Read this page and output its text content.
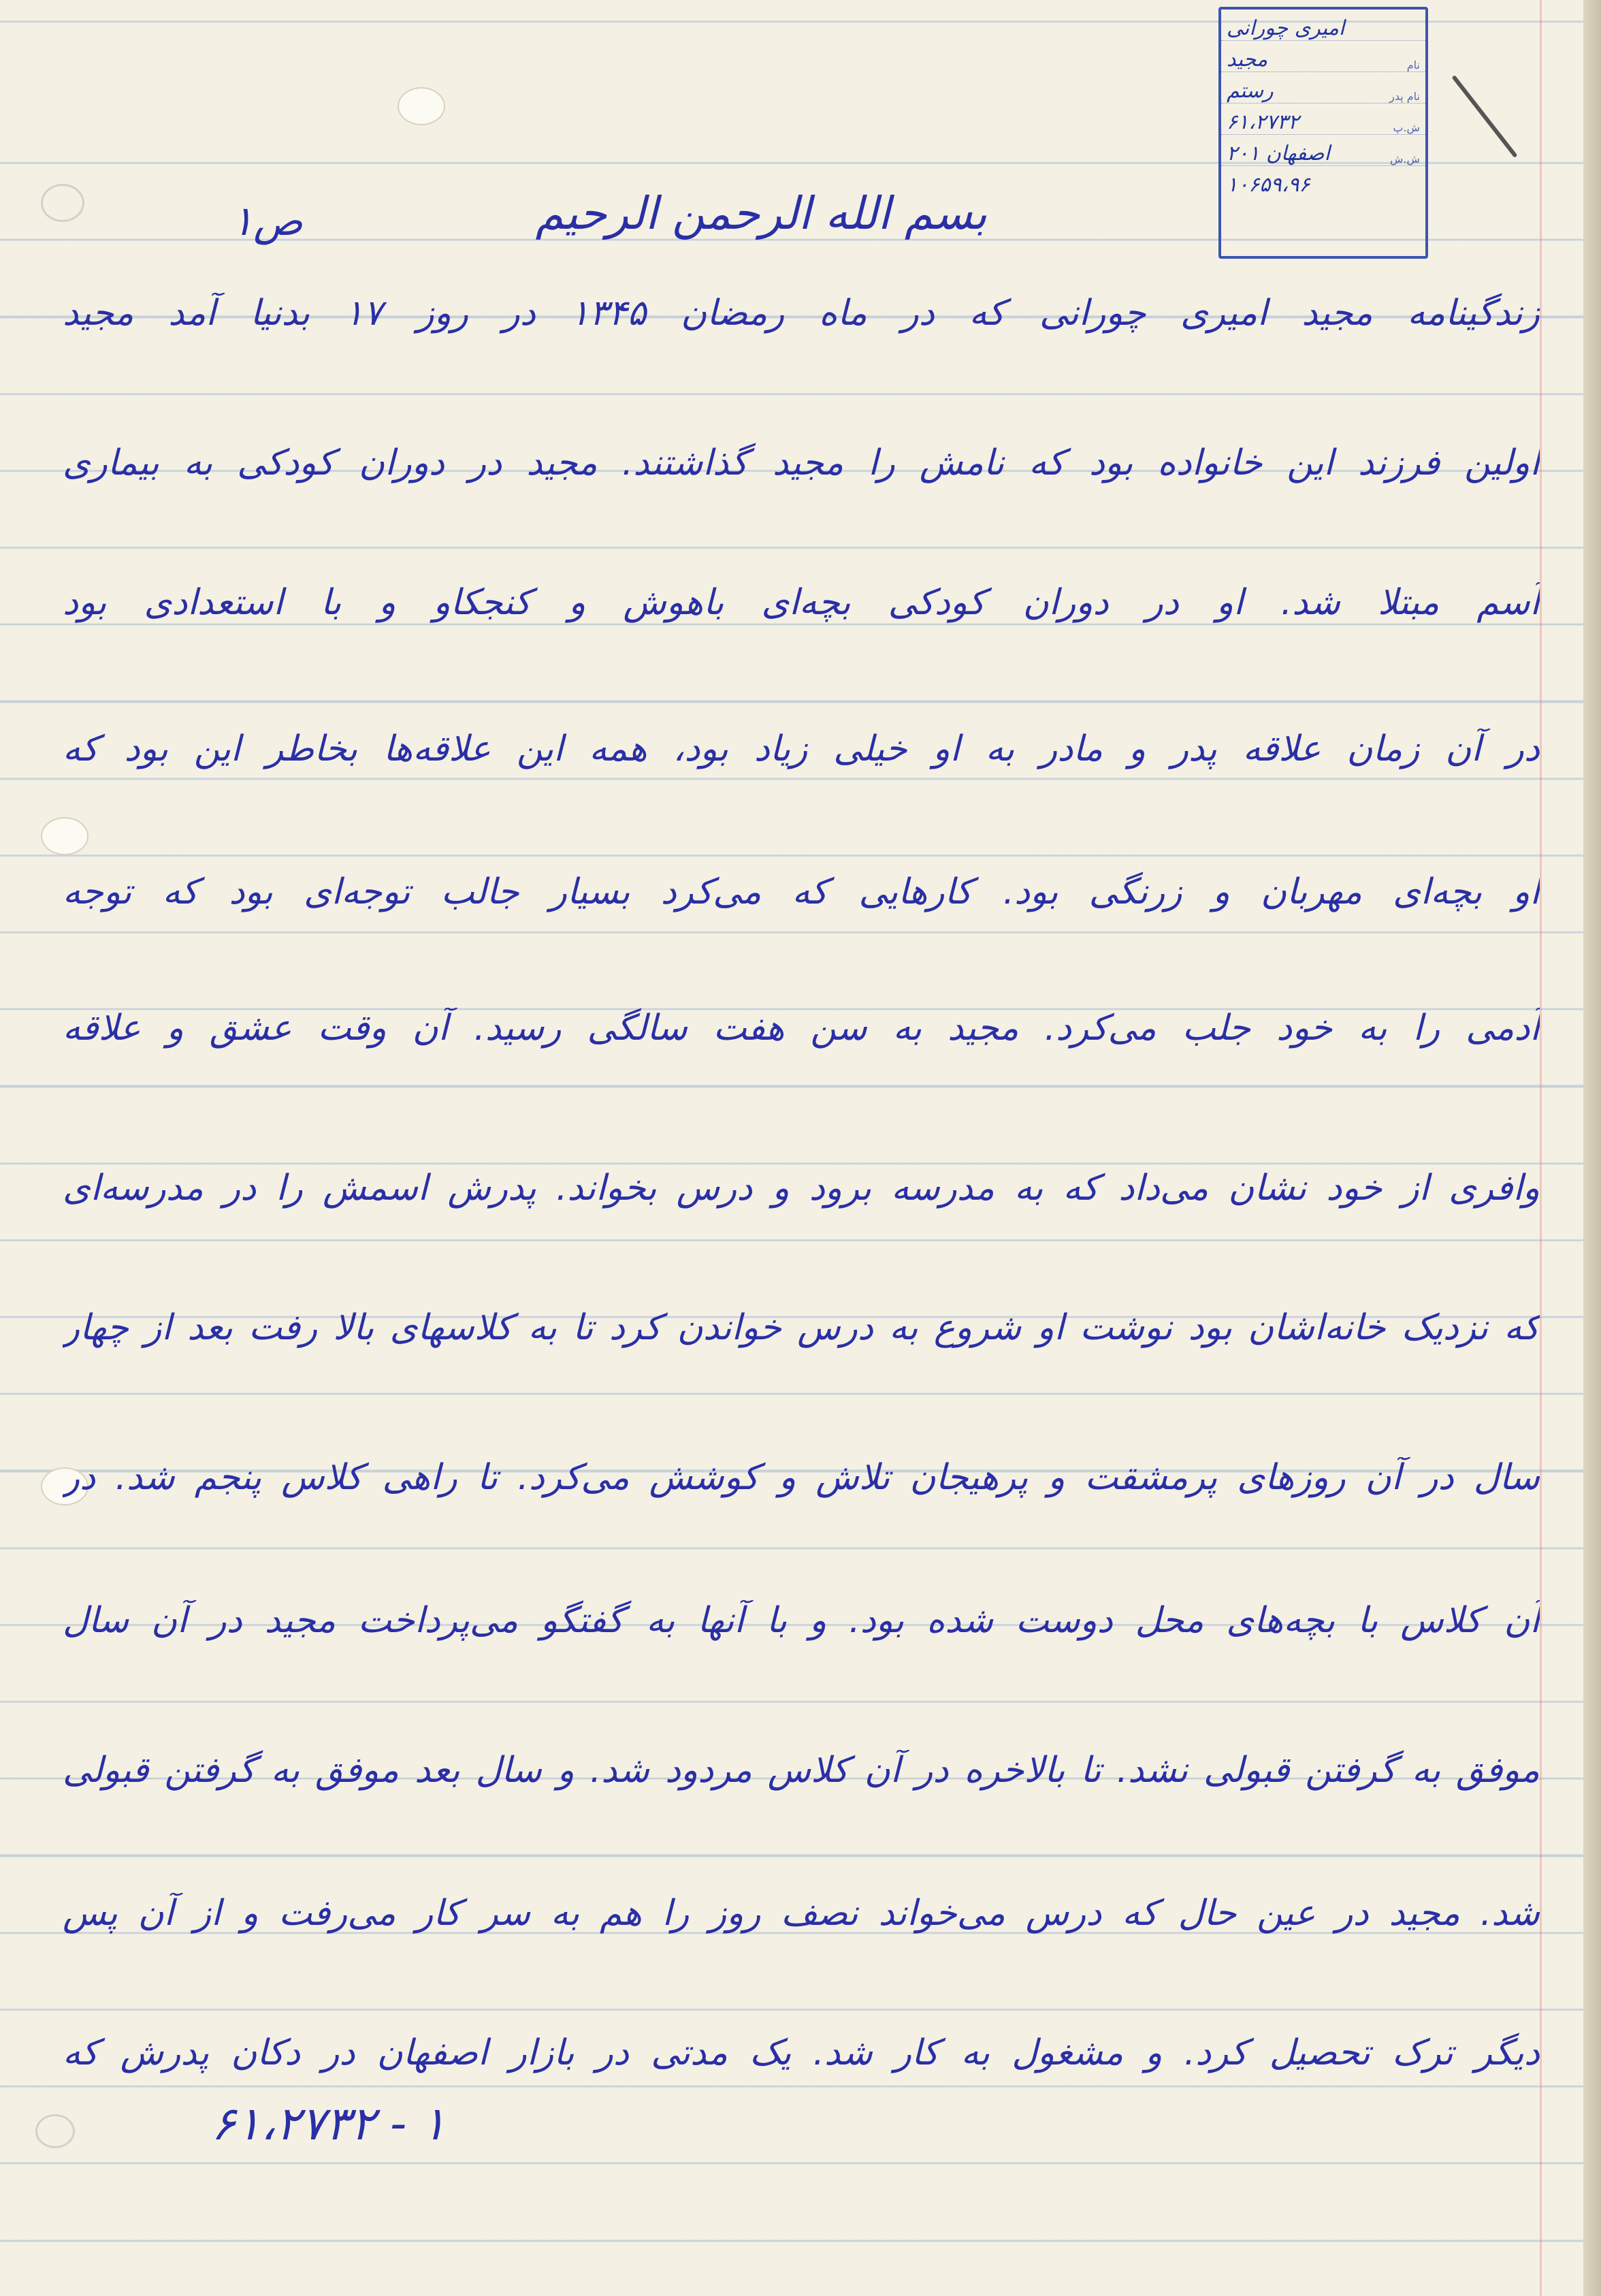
امیری چورانی
نام
مجید
نام پدر
رستم
ش.پ
۶۱،۲۷۳۲
ش.ش
اصفهان ۲۰۱
۱۰۶۵۹،۹۶
بسم الله الرحمن الرحیم
ص۱
زندگینامه مجید امیری چورانی که در ماه رمضان ۱۳۴۵ در روز ۱۷ بدنیا آمد مجید
اولین فرزند این خانواده بود که نامش را مجید گذاشتند. مجید در دوران کودکی به بیماری
آسم مبتلا شد. او در دوران کودکی بچه‌ای باهوش و کنجکاو و با استعدادی بود
در آن زمان علاقه پدر و مادر به او خیلی زیاد بود، همه این علاقه‌ها بخاطر این بود که
او بچه‌ای مهربان و زرنگی بود. کارهایی که می‌کرد بسیار جالب توجه‌ای بود که توجه
آدمی را به خود جلب می‌کرد. مجید به سن هفت سالگی رسید. آن وقت عشق و علاقه
وافری از خود نشان می‌داد که به مدرسه برود و درس بخواند. پدرش اسمش را در مدرسه‌ای
که نزدیک خانه‌اشان بود نوشت او شروع به درس خواندن کرد تا به کلاسهای بالا رفت بعد از چهار
سال در آن روزهای پرمشقت و پرهیجان تلاش و کوشش می‌کرد. تا راهی کلاس پنجم شد. در
آن کلاس با بچه‌های محل دوست شده بود. و با آنها به گفتگو می‌پرداخت مجید در آن سال
موفق به گرفتن قبولی نشد. تا بالاخره در آن کلاس مردود شد. و سال بعد موفق به گرفتن قبولی
شد. مجید در عین حال که درس می‌خواند نصف روز را هم به سر کار می‌رفت و از آن پس
دیگر ترک تحصیل کرد. و مشغول به کار شد. یک مدتی در بازار اصفهان در دکان پدرش که
۶۱،۲۷۳۲ - ۱
